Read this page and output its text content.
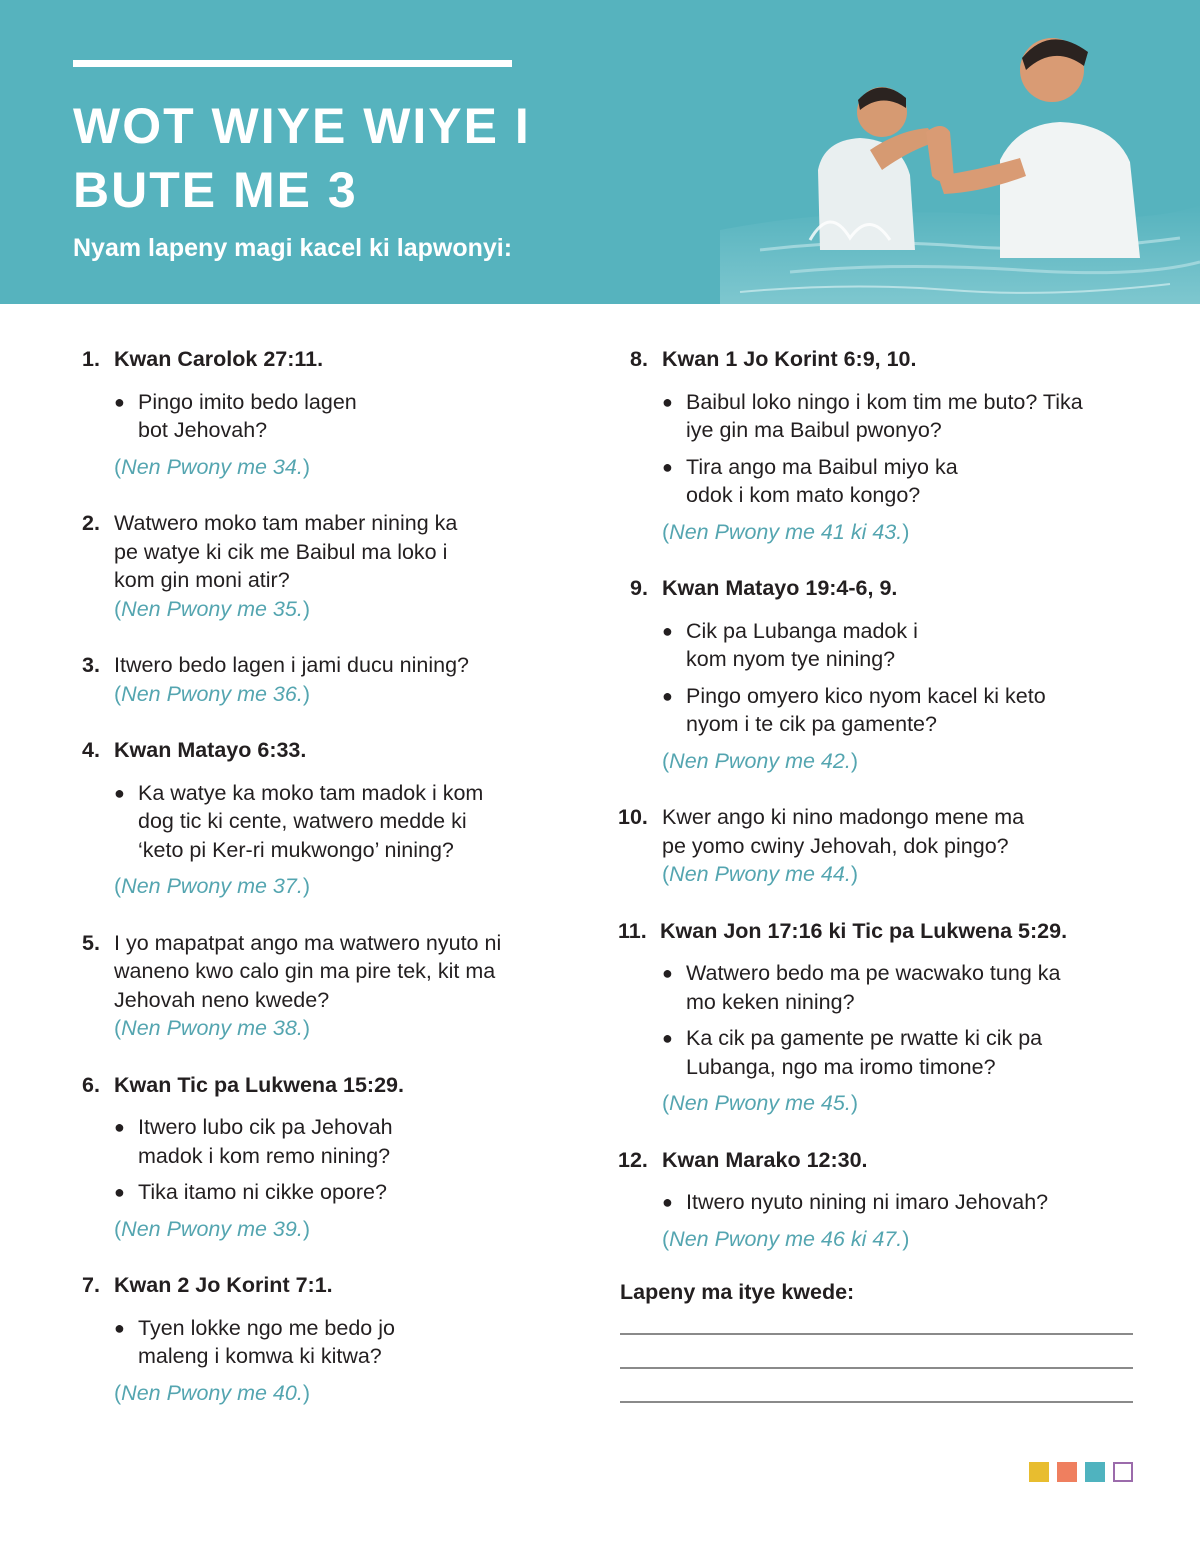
WOT WIYE WIYE I
BUTE ME 3
Nyam lapeny magi kacel ki lapwonyi:
1. Kwan Carolok 27:11.
● Pingo imito bedo lagen bot Jehovah?
(Nen Pwony me 34.)
2. Watwero moko tam maber nining ka pe watye ki cik me Baibul ma loko i kom gin moni atir?
(Nen Pwony me 35.)
3. Itwero bedo lagen i jami ducu nining?
(Nen Pwony me 36.)
4. Kwan Matayo 6:33.
● Ka watye ka moko tam madok i kom dog tic ki cente, watwero medde ki ‘keto pi Ker-ri mukwongo’ nining?
(Nen Pwony me 37.)
5. I yo mapatpat ango ma watwero nyuto ni waneno kwo calo gin ma pire tek, kit ma Jehovah neno kwede?
(Nen Pwony me 38.)
6. Kwan Tic pa Lukwena 15:29.
● Itwero lubo cik pa Jehovah madok i kom remo nining?
● Tika itamo ni cikke opore?
(Nen Pwony me 39.)
7. Kwan 2 Jo Korint 7:1.
● Tyen lokke ngo me bedo jo maleng i komwa ki kitwa?
(Nen Pwony me 40.)
8. Kwan 1 Jo Korint 6:9, 10.
● Baibul loko ningo i kom tim me buto? Tika iye gin ma Baibul pwonyo?
● Tira ango ma Baibul miyo ka odok i kom mato kongo?
(Nen Pwony me 41 ki 43.)
9. Kwan Matayo 19:4-6, 9.
● Cik pa Lubanga madok i kom nyom tye nining?
● Pingo omyero kico nyom kacel ki keto nyom i te cik pa gamente?
(Nen Pwony me 42.)
10. Kwer ango ki nino madongo mene ma pe yomo cwiny Jehovah, dok pingo?
(Nen Pwony me 44.)
11. Kwan Jon 17:16 ki Tic pa Lukwena 5:29.
● Watwero bedo ma pe wacwako tung ka mo keken nining?
● Ka cik pa gamente pe rwatte ki cik pa Lubanga, ngo ma iromo timone?
(Nen Pwony me 45.)
12. Kwan Marako 12:30.
● Itwero nyuto nining ni imaro Jehovah?
(Nen Pwony me 46 ki 47.)
Lapeny ma itye kwede:
